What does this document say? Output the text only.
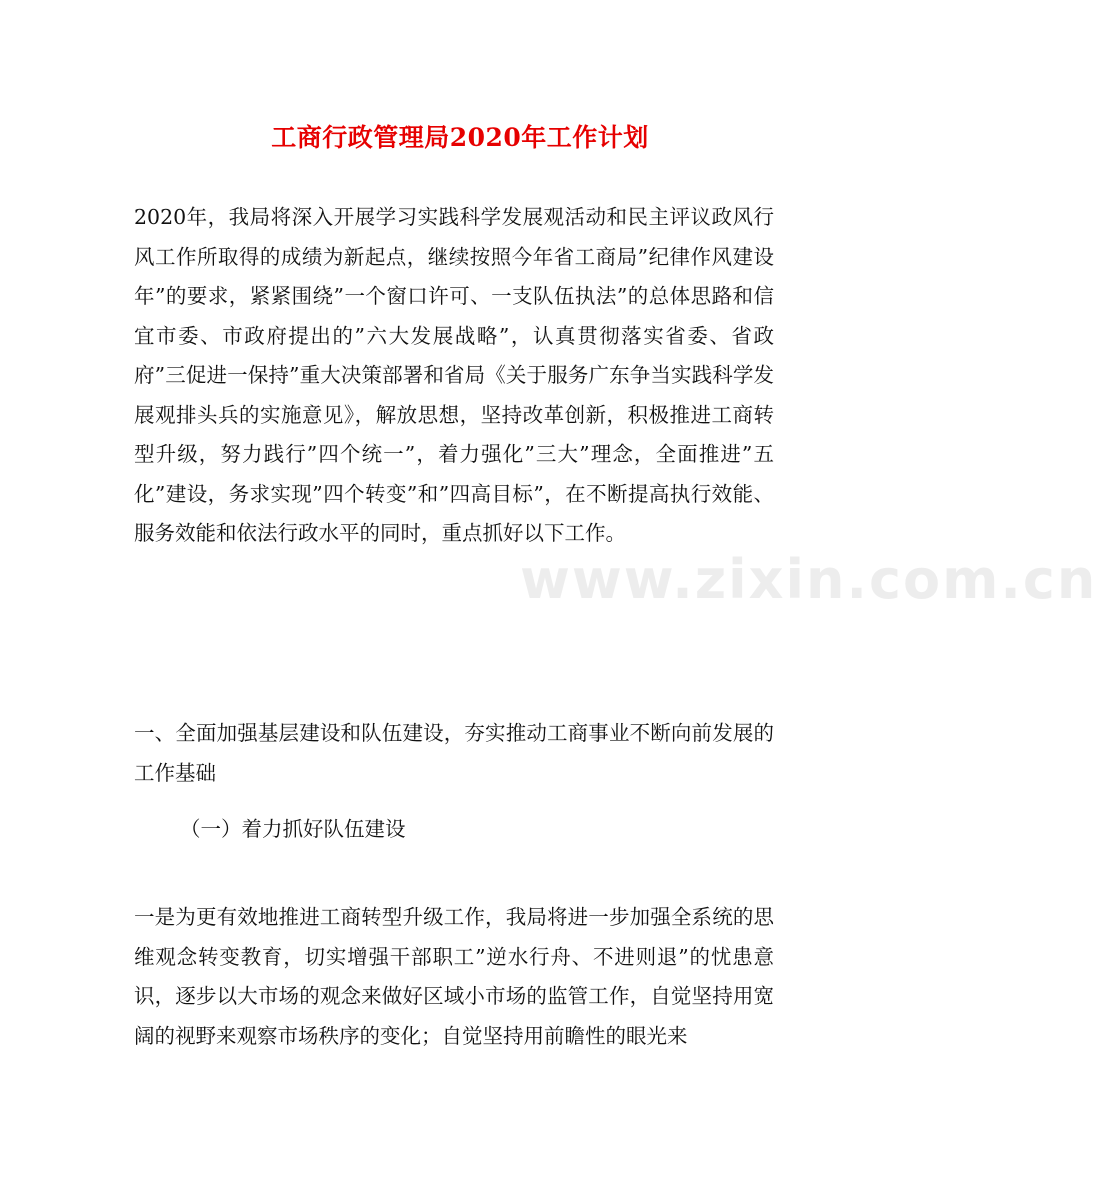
工商行政管理局2020年工作计划

2020年，我局将深入开展学习实践科学发展观活动和民主评议政风行风工作所取得的成绩为新起点，继续按照今年省工商局”纪律作风建设年”的要求，紧紧围绕”一个窗口许可、一支队伍执法”的总体思路和信宜市委、市政府提出的”六大发展战略”，认真贯彻落实省委、省政府”三促进一保持”重大决策部署和省局《关于服务广东争当实践科学发展观排头兵的实施意见》，解放思想，坚持改革创新，积极推进工商转型升级，努力践行”四个统一”，着力强化”三大”理念，全面推进”五化”建设，务求实现”四个转变”和”四高目标”，在不断提高执行效能、服务效能和依法行政水平的同时，重点抓好以下工作。

一、全面加强基层建设和队伍建设，夯实推动工商事业不断向前发展的工作基础

（一）着力抓好队伍建设

一是为更有效地推进工商转型升级工作，我局将进一步加强全系统的思维观念转变教育，切实增强干部职工”逆水行舟、不进则退”的忧患意识，逐步以大市场的观念来做好区域小市场的监管工作，自觉坚持用宽阔的视野来观察市场秩序的变化；自觉坚持用前瞻性的眼光来

www.zixin.com.cn
